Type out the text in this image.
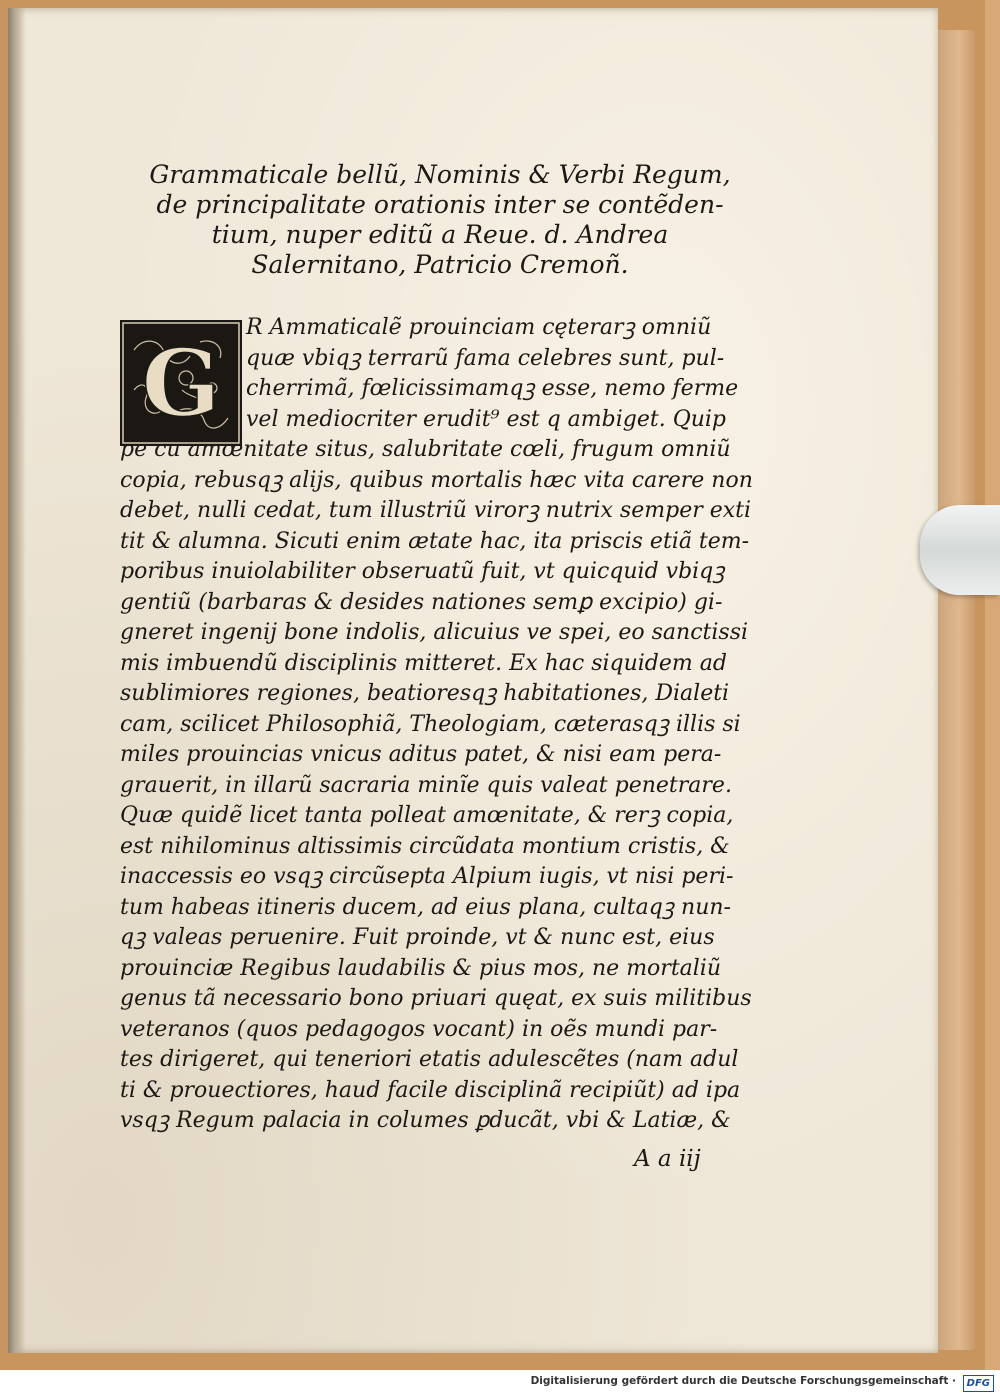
Grammaticale bellũ, Nominis & Verbi Regum,
de principalitate orationis inter se contẽden-
tium, nuper editũ a Reue. d. Andrea
Salernitano, Patricio Cremoñ.
G
R Ammaticalẽ prouinciam cęterarꝫ omniũ
quæ vbiqꝫ terrarũ fama celebres sunt, pul-
cherrimã, fœlicissimamqꝫ esse, nemo ferme
vel mediocriter erudit⁹ est q ambiget. Quip
pe cũ amœnitate situs, salubritate cœli, frugum omniũ
copia, rebusqꝫ alijs, quibus mortalis hæc vita carere non
debet, nulli cedat, tum illustriũ virorꝫ nutrix semper exti
tit & alumna. Sicuti enim ætate hac, ita priscis etiã tem-
poribus inuiolabiliter obseruatũ fuit, vt quicquid vbiqꝫ
gentiũ (barbaras & desides nationes semꝑ excipio) gi-
gneret ingenij bone indolis, alicuius ve spei, eo sanctissi
mis imbuendũ disciplinis mitteret. Ex hac siquidem ad
sublimiores regiones, beatioresqꝫ habitationes, Dialeti
cam, scilicet Philosophiã, Theologiam, cæterasqꝫ illis si
miles prouincias vnicus aditus patet, & nisi eam pera-
grauerit, in illarũ sacraria minĩe quis valeat penetrare.
Quæ quidẽ licet tanta polleat amœnitate, & rerꝫ copia,
est nihilominus altissimis circũdata montium cristis, &
inaccessis eo vsqꝫ circũsepta Alpium iugis, vt nisi peri-
tum habeas itineris ducem, ad eius plana, cultaqꝫ nun-
qꝫ valeas peruenire. Fuit proinde, vt & nunc est, eius
prouinciæ Regibus laudabilis & pius mos, ne mortaliũ
genus tã necessario bono priuari quęat, ex suis militibus
veteranos (quos pedagogos vocant) in oẽs mundi par-
tes dirigeret, qui teneriori etatis adulescẽtes (nam adul
ti & prouectiores, haud facile disciplinã recipiũt) ad ipa
vsqꝫ Regum palacia in columes ꝑducãt, vbi & Latiæ, &
A a iij
Digitalisierung gefördert durch die Deutsche Forschungsgemeinschaft ·	DFG
